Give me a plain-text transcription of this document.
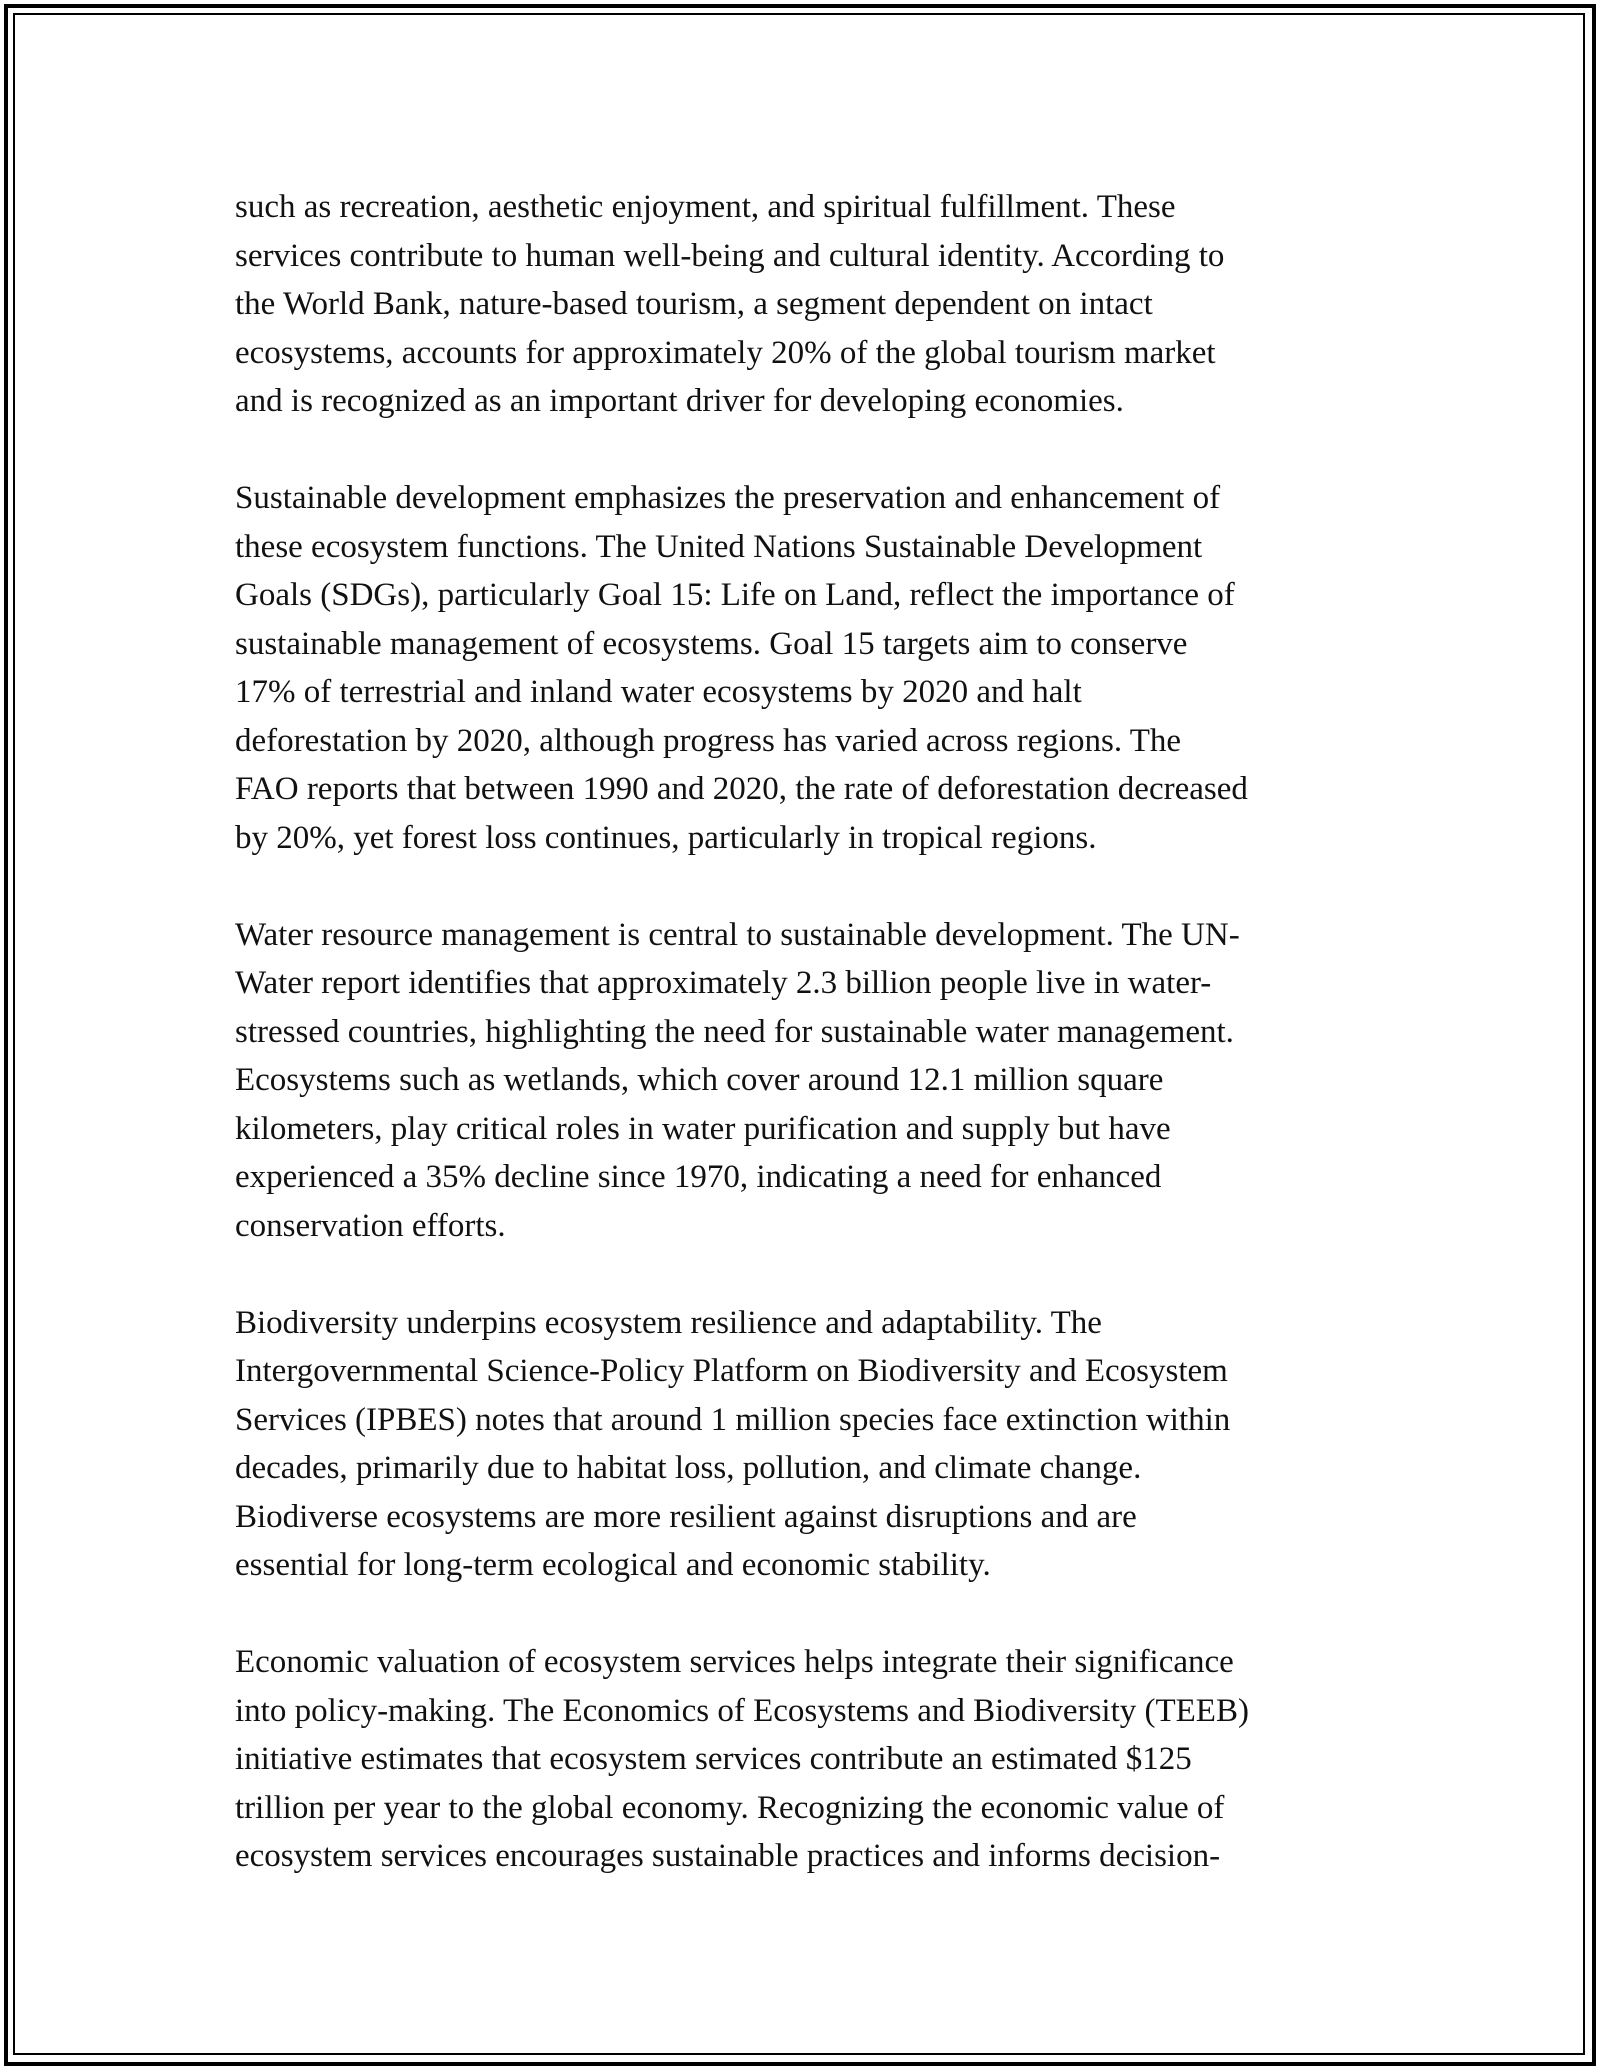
such as recreation, aesthetic enjoyment, and spiritual fulfillment. These
services contribute to human well-being and cultural identity. According to
the World Bank, nature-based tourism, a segment dependent on intact
ecosystems, accounts for approximately 20% of the global tourism market
and is recognized as an important driver for developing economies.

Sustainable development emphasizes the preservation and enhancement of
these ecosystem functions. The United Nations Sustainable Development
Goals (SDGs), particularly Goal 15: Life on Land, reflect the importance of
sustainable management of ecosystems. Goal 15 targets aim to conserve
17% of terrestrial and inland water ecosystems by 2020 and halt
deforestation by 2020, although progress has varied across regions. The
FAO reports that between 1990 and 2020, the rate of deforestation decreased
by 20%, yet forest loss continues, particularly in tropical regions.

Water resource management is central to sustainable development. The UN-
Water report identifies that approximately 2.3 billion people live in water-
stressed countries, highlighting the need for sustainable water management.
Ecosystems such as wetlands, which cover around 12.1 million square
kilometers, play critical roles in water purification and supply but have
experienced a 35% decline since 1970, indicating a need for enhanced
conservation efforts.

Biodiversity underpins ecosystem resilience and adaptability. The
Intergovernmental Science-Policy Platform on Biodiversity and Ecosystem
Services (IPBES) notes that around 1 million species face extinction within
decades, primarily due to habitat loss, pollution, and climate change.
Biodiverse ecosystems are more resilient against disruptions and are
essential for long-term ecological and economic stability.

Economic valuation of ecosystem services helps integrate their significance
into policy-making. The Economics of Ecosystems and Biodiversity (TEEB)
initiative estimates that ecosystem services contribute an estimated $125
trillion per year to the global economy. Recognizing the economic value of
ecosystem services encourages sustainable practices and informs decision-
